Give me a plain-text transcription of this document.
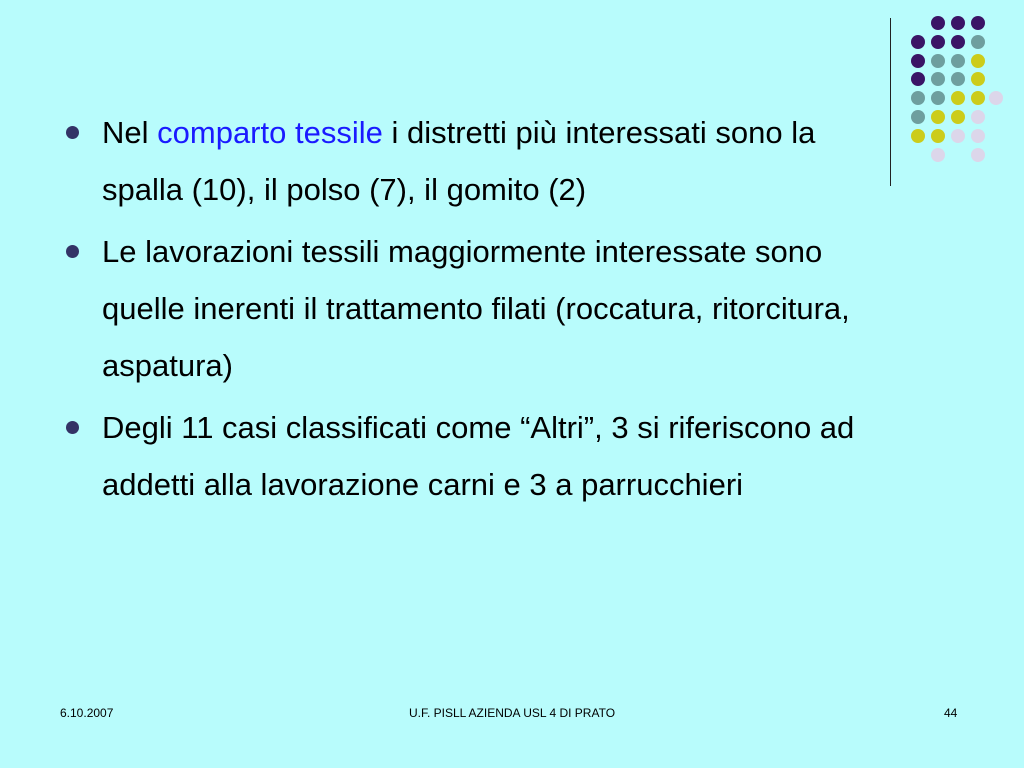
Nel comparto tessile i distretti più interessati sono la spalla (10), il polso (7), il gomito (2)
Le lavorazioni tessili maggiormente interessate sono quelle inerenti il trattamento filati (roccatura, ritorcitura, aspatura)
Degli 11 casi classificati come “Altri”, 3 si riferiscono ad addetti alla lavorazione carni e 3 a parrucchieri
6.10.2007	U.F. PISLL AZIENDA USL 4 DI PRATO	44
